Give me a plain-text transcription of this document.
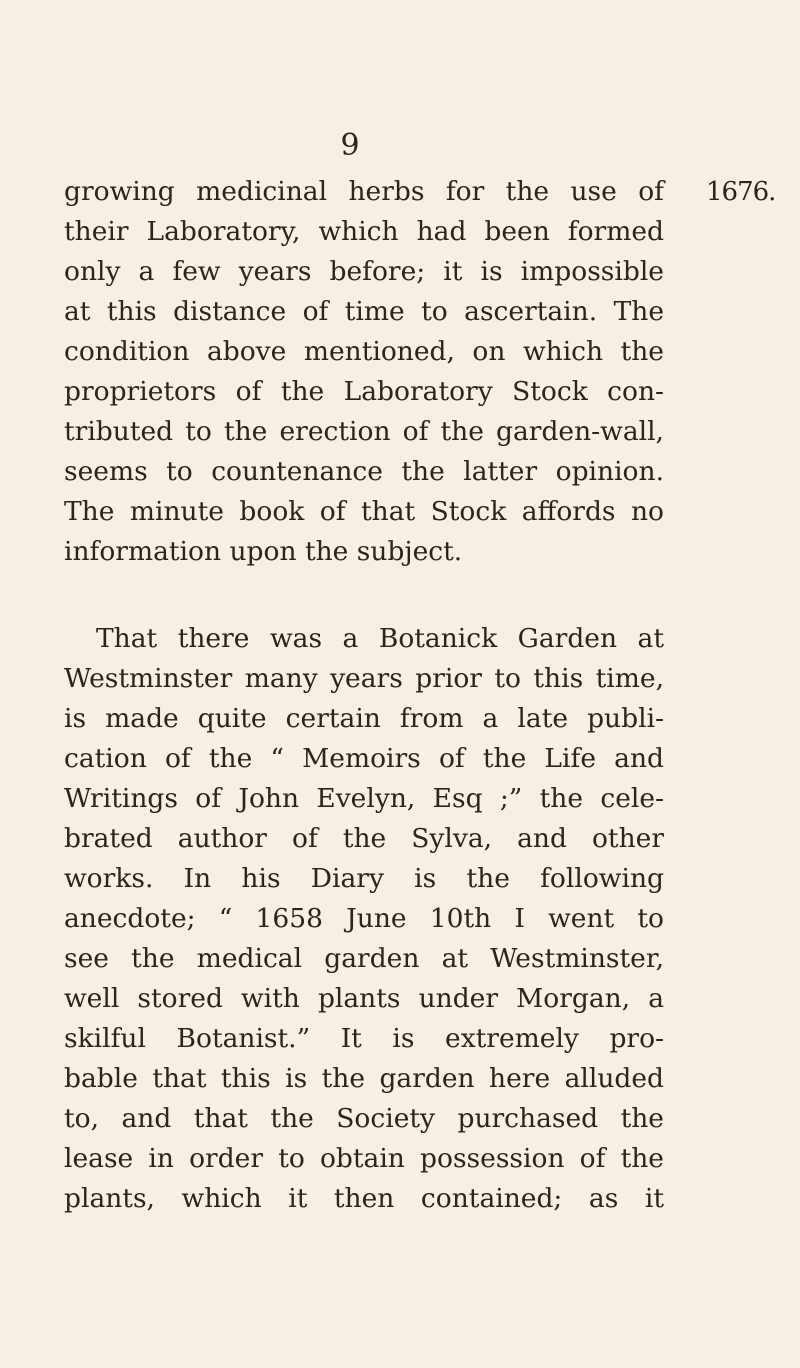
9
1676.
growing medicinal herbs for the use of
their Laboratory, which had been formed
only a few years before; it is impossible
at this distance of time to ascertain. The
condition above mentioned, on which the
proprietors of the Laboratory Stock con-
tributed to the erection of the garden-wall,
seems to countenance the latter opinion.
The minute book of that Stock affords no
information upon the subject.
That there was a Botanick Garden at
Westminster many years prior to this time,
is made quite certain from a late publi-
cation of the “ Memoirs of the Life and
Writings of John Evelyn, Esq ;” the cele-
brated author of the Sylva, and other
works. In his Diary is the following
anecdote; “ 1658 June 10th I went to
see the medical garden at Westminster,
well stored with plants under Morgan, a
skilful Botanist.” It is extremely pro-
bable that this is the garden here alluded
to, and that the Society purchased the
lease in order to obtain possession of the
plants, which it then contained; as it
